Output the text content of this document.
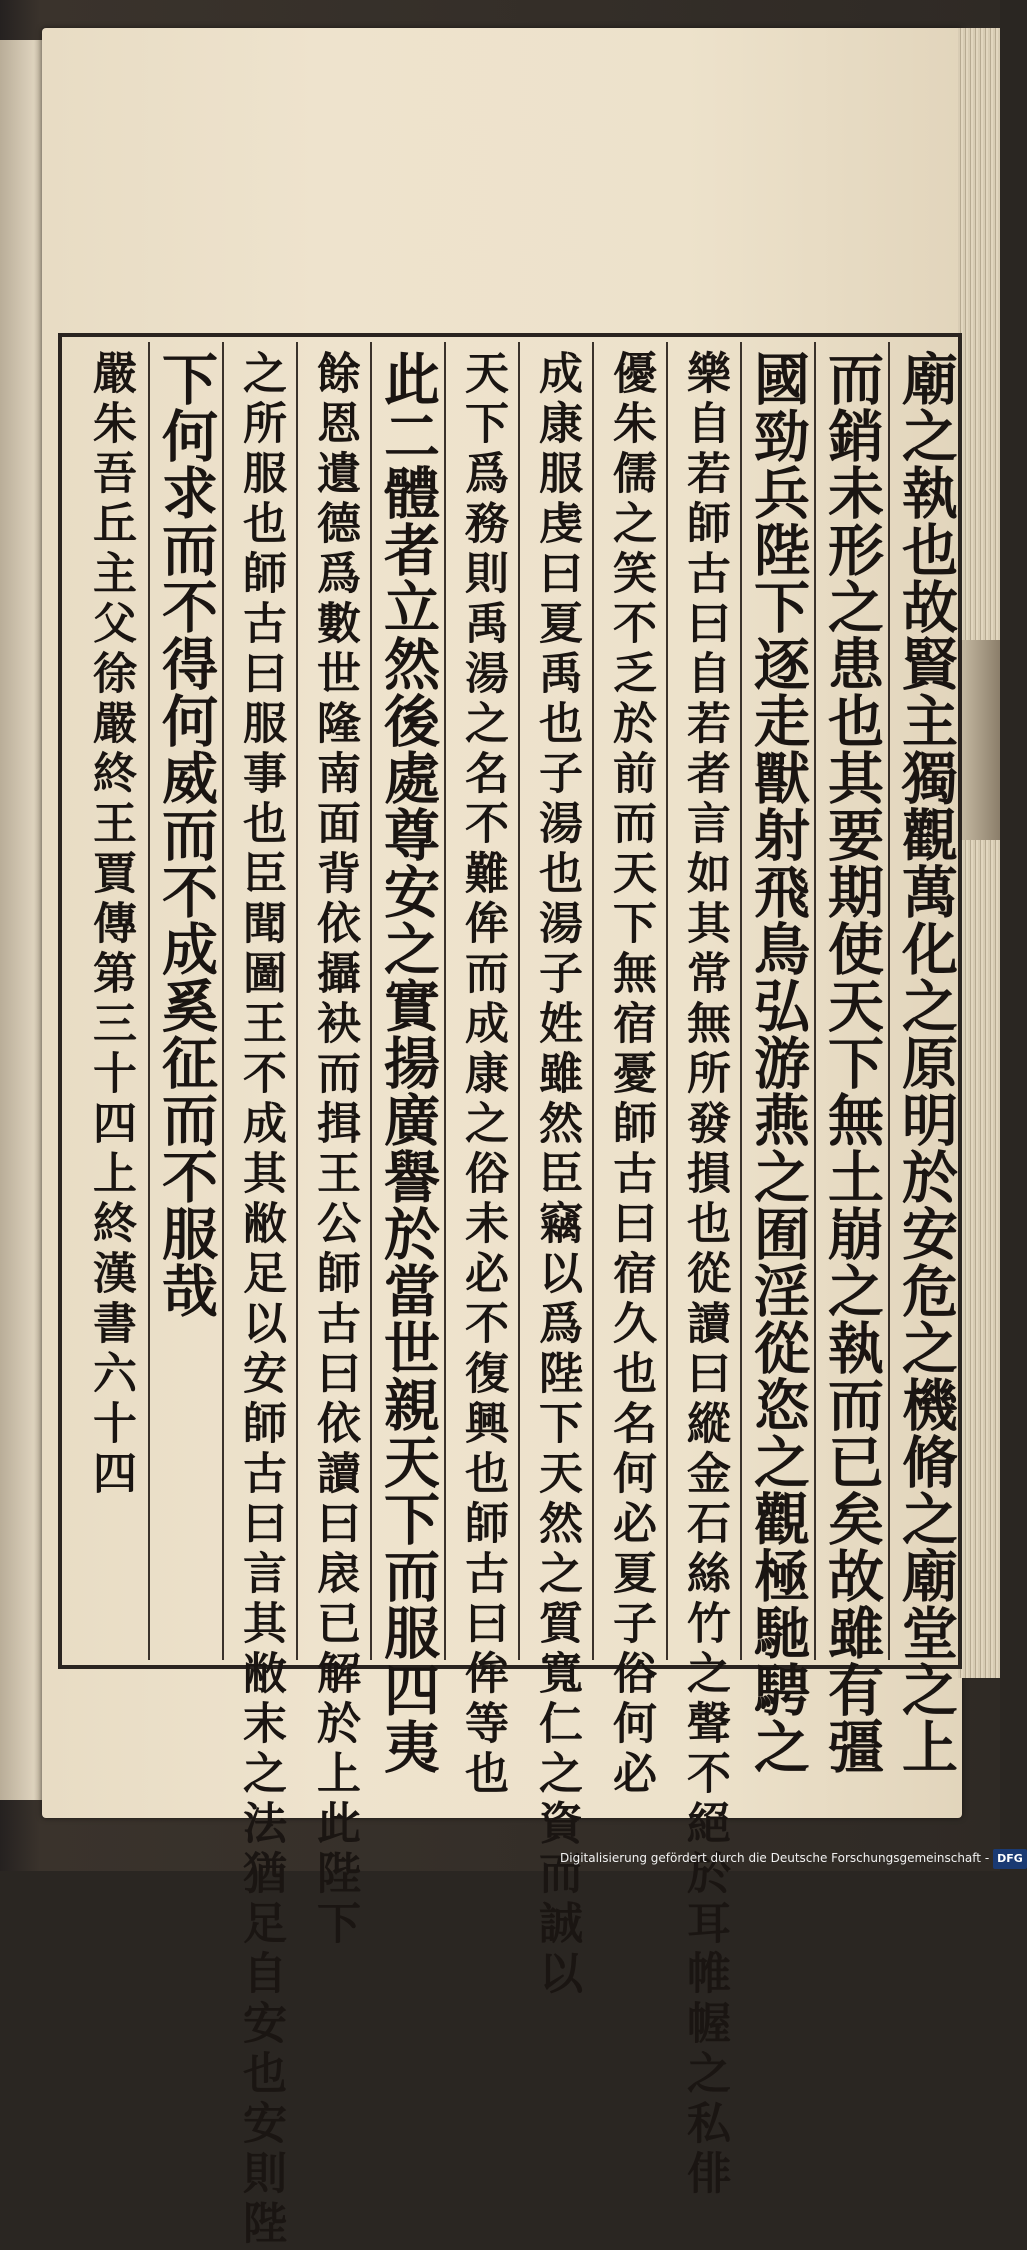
廟之執也故賢主獨觀萬化之原明於安危之機脩之廟堂之上
而銷未形之患也其要期使天下無土崩之執而已矣故雖有彊
國勁兵陛下逐走獸射飛鳥弘游燕之囿淫從恣之觀極馳騁之
樂自若師古曰自若者言如其常無所發損也從讀曰縱金石絲竹之聲不絕於耳帷幄之私俳
優朱儒之笑不乏於前而天下無宿憂師古曰宿久也名何必夏子俗何必
成康服虔曰夏禹也子湯也湯子姓雖然臣竊以爲陛下天然之質寬仁之資而誠以
天下爲務則禹湯之名不難侔而成康之俗未必不復興也師古曰侔等也
此二體者立然後處尊安之實揚廣譽於當世親天下而服四夷
餘恩遺德爲數世隆南面背依攝袂而揖王公師古曰依讀曰扆已解於上此陛下
之所服也師古曰服事也臣聞圖王不成其敝足以安師古曰言其敝末之法猶足自安也安則陛
下何求而不得何威而不成奚征而不服哉
嚴朱吾丘主父徐嚴終王賈傳第三十四上終漢書六十四
Digitalisierung gefördert durch die Deutsche Forschungsgemeinschaft - DFG
